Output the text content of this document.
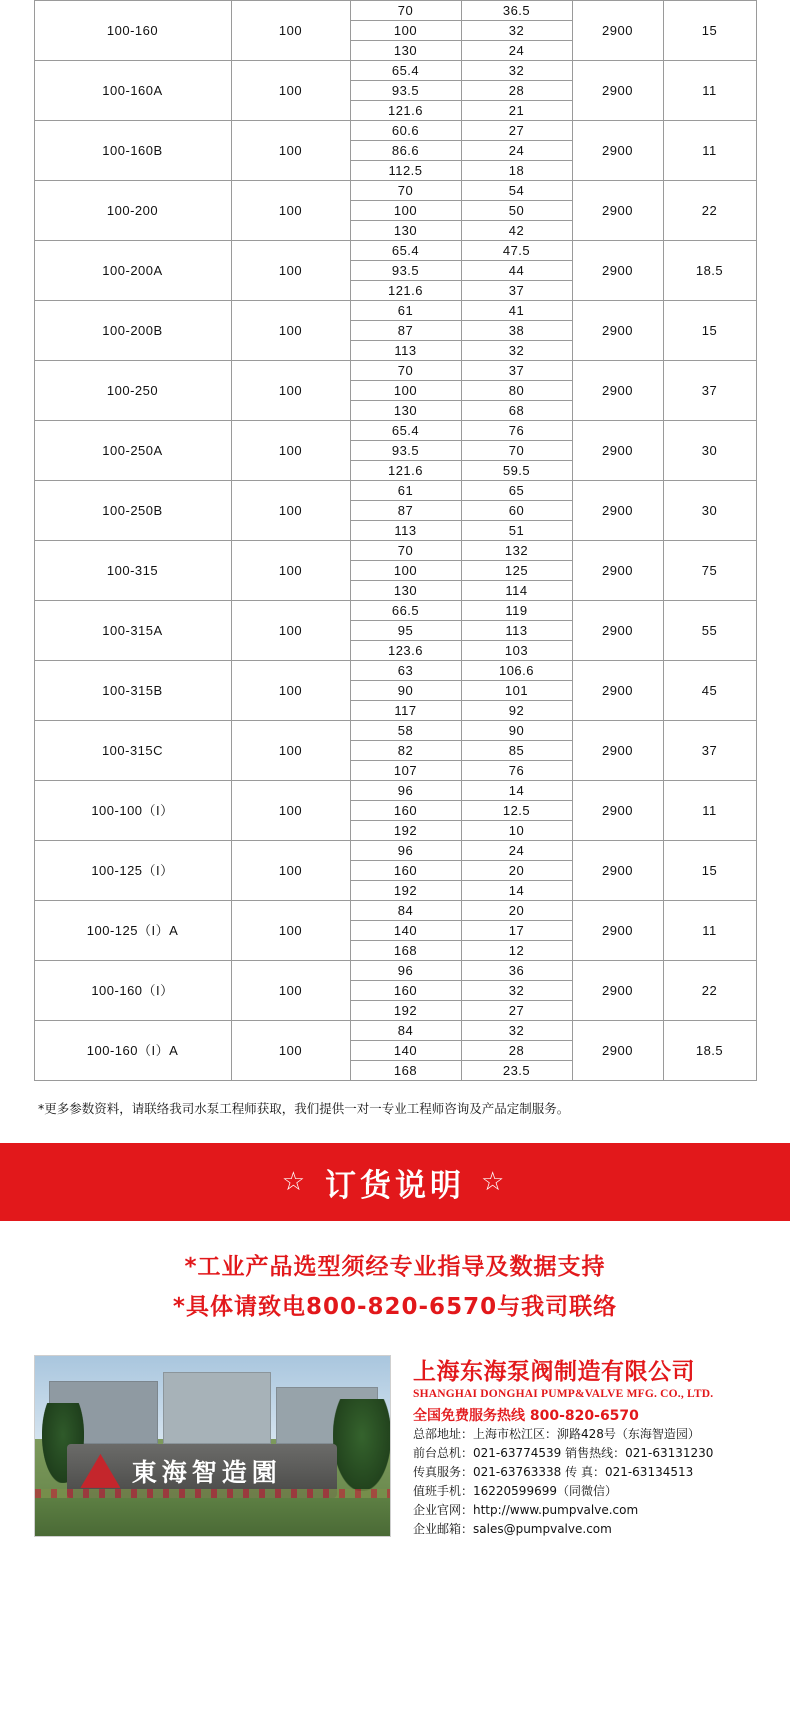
100-160	100	70	36.5	2900	15
		100	32		
		130	24		
100-160A	100	65.4	32	2900	11
		93.5	28		
		121.6	21		
100-160B	100	60.6	27	2900	11
		86.6	24		
		112.5	18		
100-200	100	70	54	2900	22
		100	50		
		130	42		
100-200A	100	65.4	47.5	2900	18.5
		93.5	44		
		121.6	37		
100-200B	100	61	41	2900	15
		87	38		
		113	32		
100-250	100	70	37	2900	37
		100	80		
		130	68		
100-250A	100	65.4	76	2900	30
		93.5	70		
		121.6	59.5		
100-250B	100	61	65	2900	30
		87	60		
		113	51		
100-315	100	70	132	2900	75
		100	125		
		130	114		
100-315A	100	66.5	119	2900	55
		95	113		
		123.6	103		
100-315B	100	63	106.6	2900	45
		90	101		
		117	92		
100-315C	100	58	90	2900	37
		82	85		
		107	76		
100-100（I）	100	96	14	2900	11
		160	12.5		
		192	10		
100-125（I）	100	96	24	2900	15
		160	20		
		192	14		
100-125（I）A	100	84	20	2900	11
		140	17		
		168	12		
100-160（I）	100	96	36	2900	22
		160	32		
		192	27		
100-160（I）A	100	84	32	2900	18.5
		140	28		
		168	23.5		
*更多参数资料，请联络我司水泵工程师获取，我们提供一对一专业工程师咨询及产品定制服务。
☆ 订货说明 ☆
*工业产品选型须经专业指导及数据支持
*具体请致电800-820-6570与我司联络
東海智造園
上海东海泵阀制造有限公司
SHANGHAI DONGHAI PUMP&VALVE MFG. CO., LTD.
全国免费服务热线 800-820-6570
总部地址：上海市松江区：泖路428号（东海智造园）
前台总机：021-63774539 销售热线：021-63131230
传真服务：021-63763338 传 真：021-63134513
值班手机：16220599699（同微信）
企业官网：http://www.pumpvalve.com
企业邮箱：sales@pumpvalve.com
